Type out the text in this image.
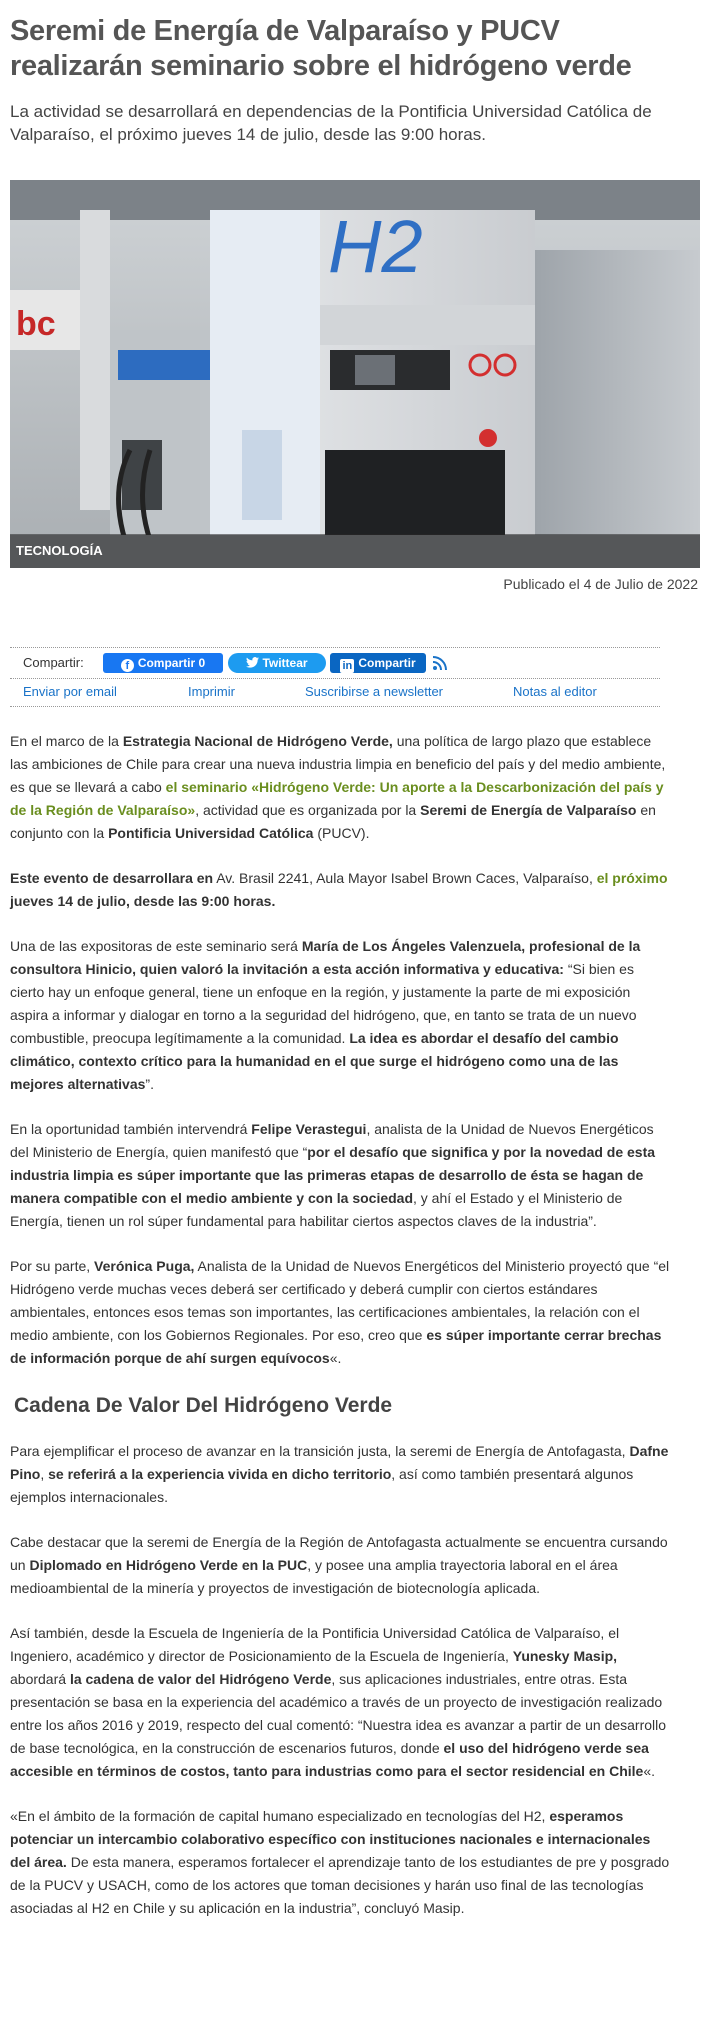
Seremi de Energía de Valparaíso y PUCV realizarán seminario sobre el hidrógeno verde

La actividad se desarrollará en dependencias de la Pontificia Universidad Católica de Valparaíso, el próximo jueves 14 de julio, desde las 9:00 horas.

bc
H2
TECNOLOGÍA
Publicado el 4 de Julio de 2022
Compartir:	f Compartir 0	Twittear	in Compartir
Enviar por email	Imprimir	Suscribirse a newsletter	Notas al editor

En el marco de la Estrategia Nacional de Hidrógeno Verde, una política de largo plazo que establece las ambiciones de Chile para crear una nueva industria limpia en beneficio del país y del medio ambiente, es que se llevará a cabo el seminario «Hidrógeno Verde: Un aporte a la Descarbonización del país y de la Región de Valparaíso», actividad que es organizada por la Seremi de Energía de Valparaíso en conjunto con la Pontificia Universidad Católica (PUCV).

Este evento de desarrollara en Av. Brasil 2241, Aula Mayor Isabel Brown Caces, Valparaíso, el próximo jueves 14 de julio, desde las 9:00 horas.

Una de las expositoras de este seminario será María de Los Ángeles Valenzuela, profesional de la consultora Hinicio, quien valoró la invitación a esta acción informativa y educativa: “Si bien es cierto hay un enfoque general, tiene un enfoque en la región, y justamente la parte de mi exposición aspira a informar y dialogar en torno a la seguridad del hidrógeno, que, en tanto se trata de un nuevo combustible, preocupa legítimamente a la comunidad. La idea es abordar el desafío del cambio climático, contexto crítico para la humanidad en el que surge el hidrógeno como una de las mejores alternativas”.

En la oportunidad también intervendrá Felipe Verastegui, analista de la Unidad de Nuevos Energéticos del Ministerio de Energía, quien manifestó que “por el desafío que significa y por la novedad de esta industria limpia es súper importante que las primeras etapas de desarrollo de ésta se hagan de manera compatible con el medio ambiente y con la sociedad, y ahí el Estado y el Ministerio de Energía, tienen un rol súper fundamental para habilitar ciertos aspectos claves de la industria”.

Por su parte, Verónica Puga, Analista de la Unidad de Nuevos Energéticos del Ministerio proyectó que “el Hidrógeno verde muchas veces deberá ser certificado y deberá cumplir con ciertos estándares ambientales, entonces esos temas son importantes, las certificaciones ambientales, la relación con el medio ambiente, con los Gobiernos Regionales. Por eso, creo que es súper importante cerrar brechas de información porque de ahí surgen equívocos«.

Cadena De Valor Del Hidrógeno Verde

Para ejemplificar el proceso de avanzar en la transición justa, la seremi de Energía de Antofagasta, Dafne Pino, se referirá a la experiencia vivida en dicho territorio, así como también presentará algunos ejemplos internacionales.

Cabe destacar que la seremi de Energía de la Región de Antofagasta actualmente se encuentra cursando un Diplomado en Hidrógeno Verde en la PUC, y posee una amplia trayectoria laboral en el área medioambiental de la minería y proyectos de investigación de biotecnología aplicada.

Así también, desde la Escuela de Ingeniería de la Pontificia Universidad Católica de Valparaíso, el Ingeniero, académico y director de Posicionamiento de la Escuela de Ingeniería, Yunesky Masip, abordará la cadena de valor del Hidrógeno Verde, sus aplicaciones industriales, entre otras. Esta presentación se basa en la experiencia del académico a través de un proyecto de investigación realizado entre los años 2016 y 2019, respecto del cual comentó: “Nuestra idea es avanzar a partir de un desarrollo de base tecnológica, en la construcción de escenarios futuros, donde el uso del hidrógeno verde sea accesible en términos de costos, tanto para industrias como para el sector residencial en Chile«.

«En el ámbito de la formación de capital humano especializado en tecnologías del H2, esperamos potenciar un intercambio colaborativo específico con instituciones nacionales e internacionales del área. De esta manera, esperamos fortalecer el aprendizaje tanto de los estudiantes de pre y posgrado de la PUCV y USACH, como de los actores que toman decisiones y harán uso final de las tecnologías asociadas al H2 en Chile y su aplicación en la industria”, concluyó Masip.
